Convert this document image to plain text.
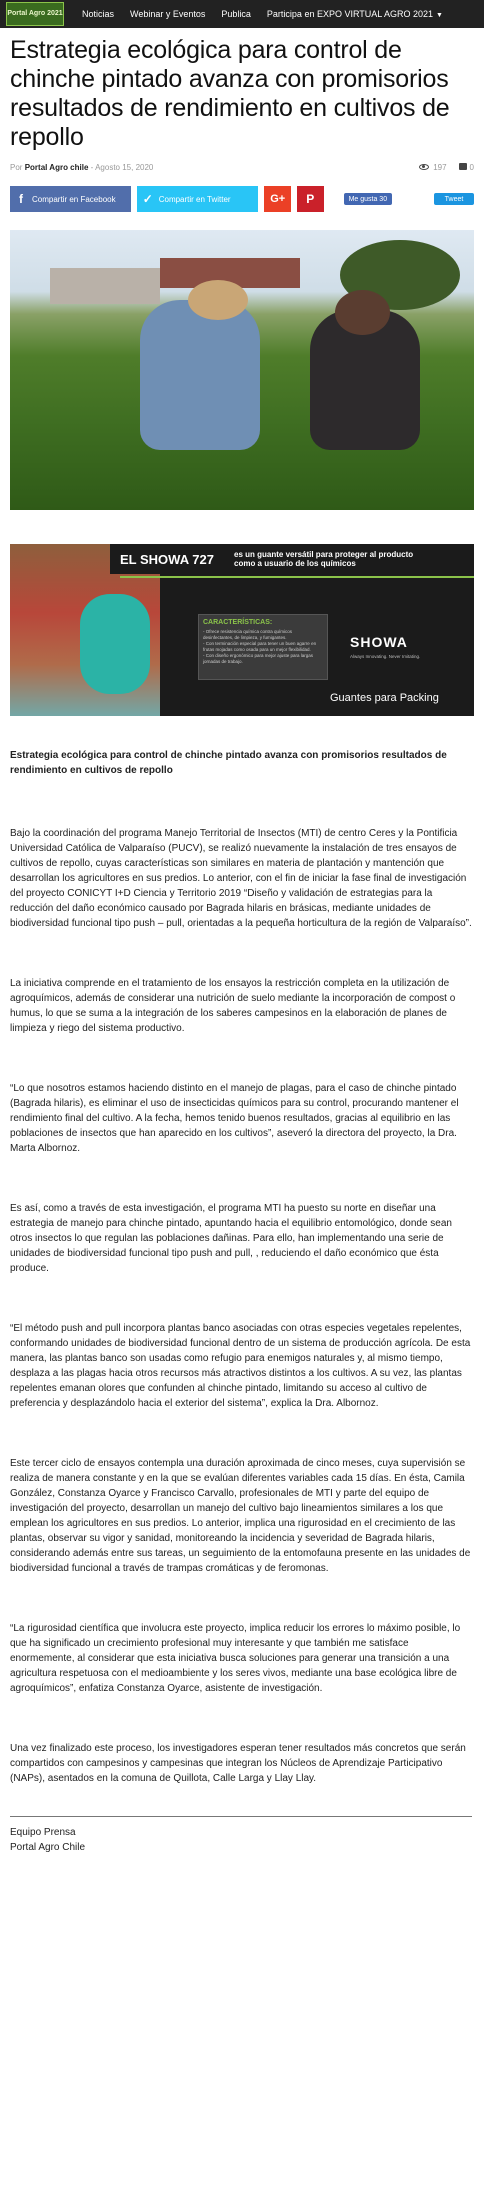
Portal Agro 2021 Noticias Webinar y Eventos Publica Participa en EXPO VIRTUAL AGRO 2021 ▼
Estrategia ecológica para control de chinche pintado avanza con promisorios resultados de rendimiento en cultivos de repollo
Por Portal Agro chile - Agosto 15, 2020	197	0
f	Compartir en Facebook	✓ Compartir en Twitter	G+ P	Me gusta 30	Tweet
EL SHOWA 727	es un guante versátil para proteger al producto como a usuario de los químicos
CARACTERÍSTICAS:
- Ofrece resistencia química contra químicos desinfectantes, de limpieza, y fumigantes.
- Con terminación especial para tener un buen agarre en frutas mojadas como osada para un mejor flexibilidad.
- Con diseño ergonómico para mejor ajuste para largas jornadas de trabajo.
SHOWA
Always Innovating. Never Imitating.
Guantes para Packing
Estrategia ecológica para control de chinche pintado avanza con promisorios resultados de rendimiento en cultivos de repollo

Bajo la coordinación del programa Manejo Territorial de Insectos (MTI) de centro Ceres y la Pontificia Universidad Católica de Valparaíso (PUCV), se realizó nuevamente la instalación de tres ensayos de cultivos de repollo, cuyas características son similares en materia de plantación y mantención que desarrollan los agricultores en sus predios. Lo anterior, con el fin de iniciar la fase final de investigación del proyecto CONICYT I+D Ciencia y Territorio 2019 “Diseño y validación de estrategias para la reducción del daño económico causado por Bagrada hilaris en brásicas, mediante unidades de biodiversidad funcional tipo push – pull, orientadas a la pequeña horticultura de la región de Valparaíso”.

La iniciativa comprende en el tratamiento de los ensayos la restricción completa en la utilización de agroquímicos, además de considerar una nutrición de suelo mediante la incorporación de compost o humus, lo que se suma a la integración de los saberes campesinos en la elaboración de planes de limpieza y riego del sistema productivo.

“Lo que nosotros estamos haciendo distinto en el manejo de plagas, para el caso de chinche pintado (Bagrada hilaris), es eliminar el uso de insecticidas químicos para su control, procurando mantener el rendimiento final del cultivo. A la fecha, hemos tenido buenos resultados, gracias al equilibrio en las poblaciones de insectos que han aparecido en los cultivos”, aseveró la directora del proyecto, la Dra. Marta Albornoz.

Es así, como a través de esta investigación, el programa MTI ha puesto su norte en diseñar una estrategia de manejo para chinche pintado, apuntando hacia el equilibrio entomológico, donde sean otros insectos lo que regulan las poblaciones dañinas. Para ello, han implementando una serie de unidades de biodiversidad funcional tipo push and pull, , reduciendo el daño económico que ésta produce.

“El método push and pull incorpora plantas banco asociadas con otras especies vegetales repelentes, conformando unidades de biodiversidad funcional dentro de un sistema de producción agrícola. De esta manera, las plantas banco son usadas como refugio para enemigos naturales y, al mismo tiempo, desplaza a las plagas hacia otros recursos más atractivos distintos a los cultivos. A su vez, las plantas repelentes emanan olores que confunden al chinche pintado, limitando su acceso al cultivo de preferencia y desplazándolo hacia el exterior del sistema”, explica la Dra. Albornoz.

Este tercer ciclo de ensayos contempla una duración aproximada de cinco meses, cuya supervisión se realiza de manera constante y en la que se evalúan diferentes variables cada 15 días. En ésta, Camila González, Constanza Oyarce y Francisco Carvallo, profesionales de MTI y parte del equipo de investigación del proyecto, desarrollan un manejo del cultivo bajo lineamientos similares a los que emplean los agricultores en sus predios. Lo anterior, implica una rigurosidad en el crecimiento de las plantas, observar su vigor y sanidad, monitoreando la incidencia y severidad de Bagrada hilaris, considerando además entre sus tareas, un seguimiento de la entomofauna presente en las unidades de biodiversidad funcional a través de trampas cromáticas y de feromonas.

“La rigurosidad científica que involucra este proyecto, implica reducir los errores lo máximo posible, lo que ha significado un crecimiento profesional muy interesante y que también me satisface enormemente, al considerar que esta iniciativa busca soluciones para generar una transición a una agricultura respetuosa con el medioambiente y los seres vivos, mediante una base ecológica libre de agroquímicos”, enfatiza Constanza Oyarce, asistente de investigación.

Una vez finalizado este proceso, los investigadores esperan tener resultados más concretos que serán compartidos con campesinos y campesinas que integran los Núcleos de Aprendizaje Participativo (NAPs), asentados en la comuna de Quillota, Calle Larga y Llay Llay.

Equipo Prensa
Portal Agro Chile
